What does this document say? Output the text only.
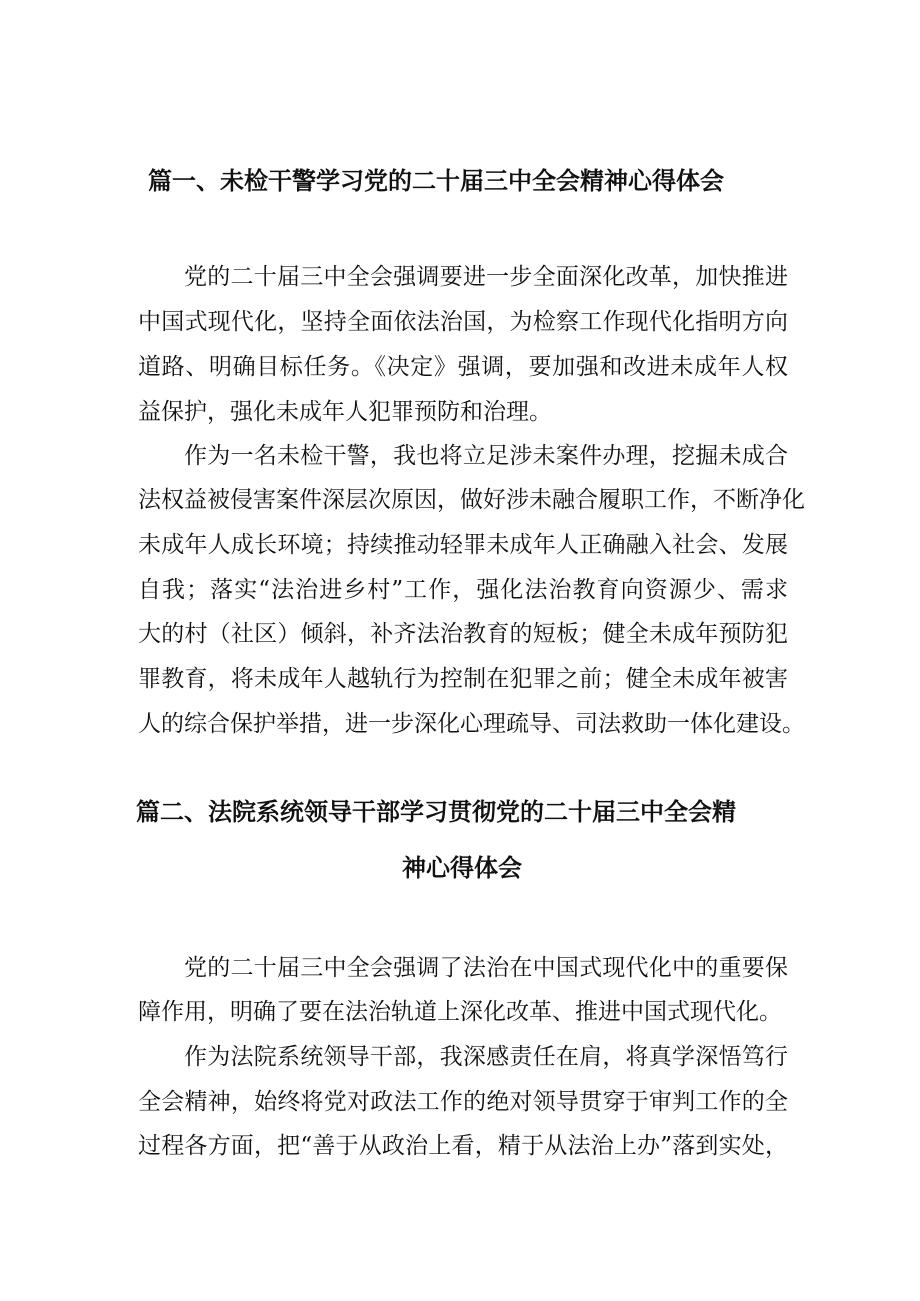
篇一、未检干警学习党的二十届三中全会精神心得体会
党的二十届三中全会强调要进一步全面深化改革，加快推进
中国式现代化，坚持全面依法治国，为检察工作现代化指明方向
道路、明确目标任务。《决定》强调，要加强和改进未成年人权
益保护，强化未成年人犯罪预防和治理。
作为一名未检干警，我也将立足涉未案件办理，挖掘未成合
法权益被侵害案件深层次原因，做好涉未融合履职工作，不断净化
未成年人成长环境；持续推动轻罪未成年人正确融入社会、发展
自我；落实“法治进乡村”工作，强化法治教育向资源少、需求
大的村（社区）倾斜，补齐法治教育的短板；健全未成年预防犯
罪教育，将未成年人越轨行为控制在犯罪之前；健全未成年被害
人的综合保护举措，进一步深化心理疏导、司法救助一体化建设。
篇二、法院系统领导干部学习贯彻党的二十届三中全会精
神心得体会
党的二十届三中全会强调了法治在中国式现代化中的重要保
障作用，明确了要在法治轨道上深化改革、推进中国式现代化。
作为法院系统领导干部，我深感责任在肩，将真学深悟笃行
全会精神，始终将党对政法工作的绝对领导贯穿于审判工作的全
过程各方面，把“善于从政治上看，精于从法治上办”落到实处，
